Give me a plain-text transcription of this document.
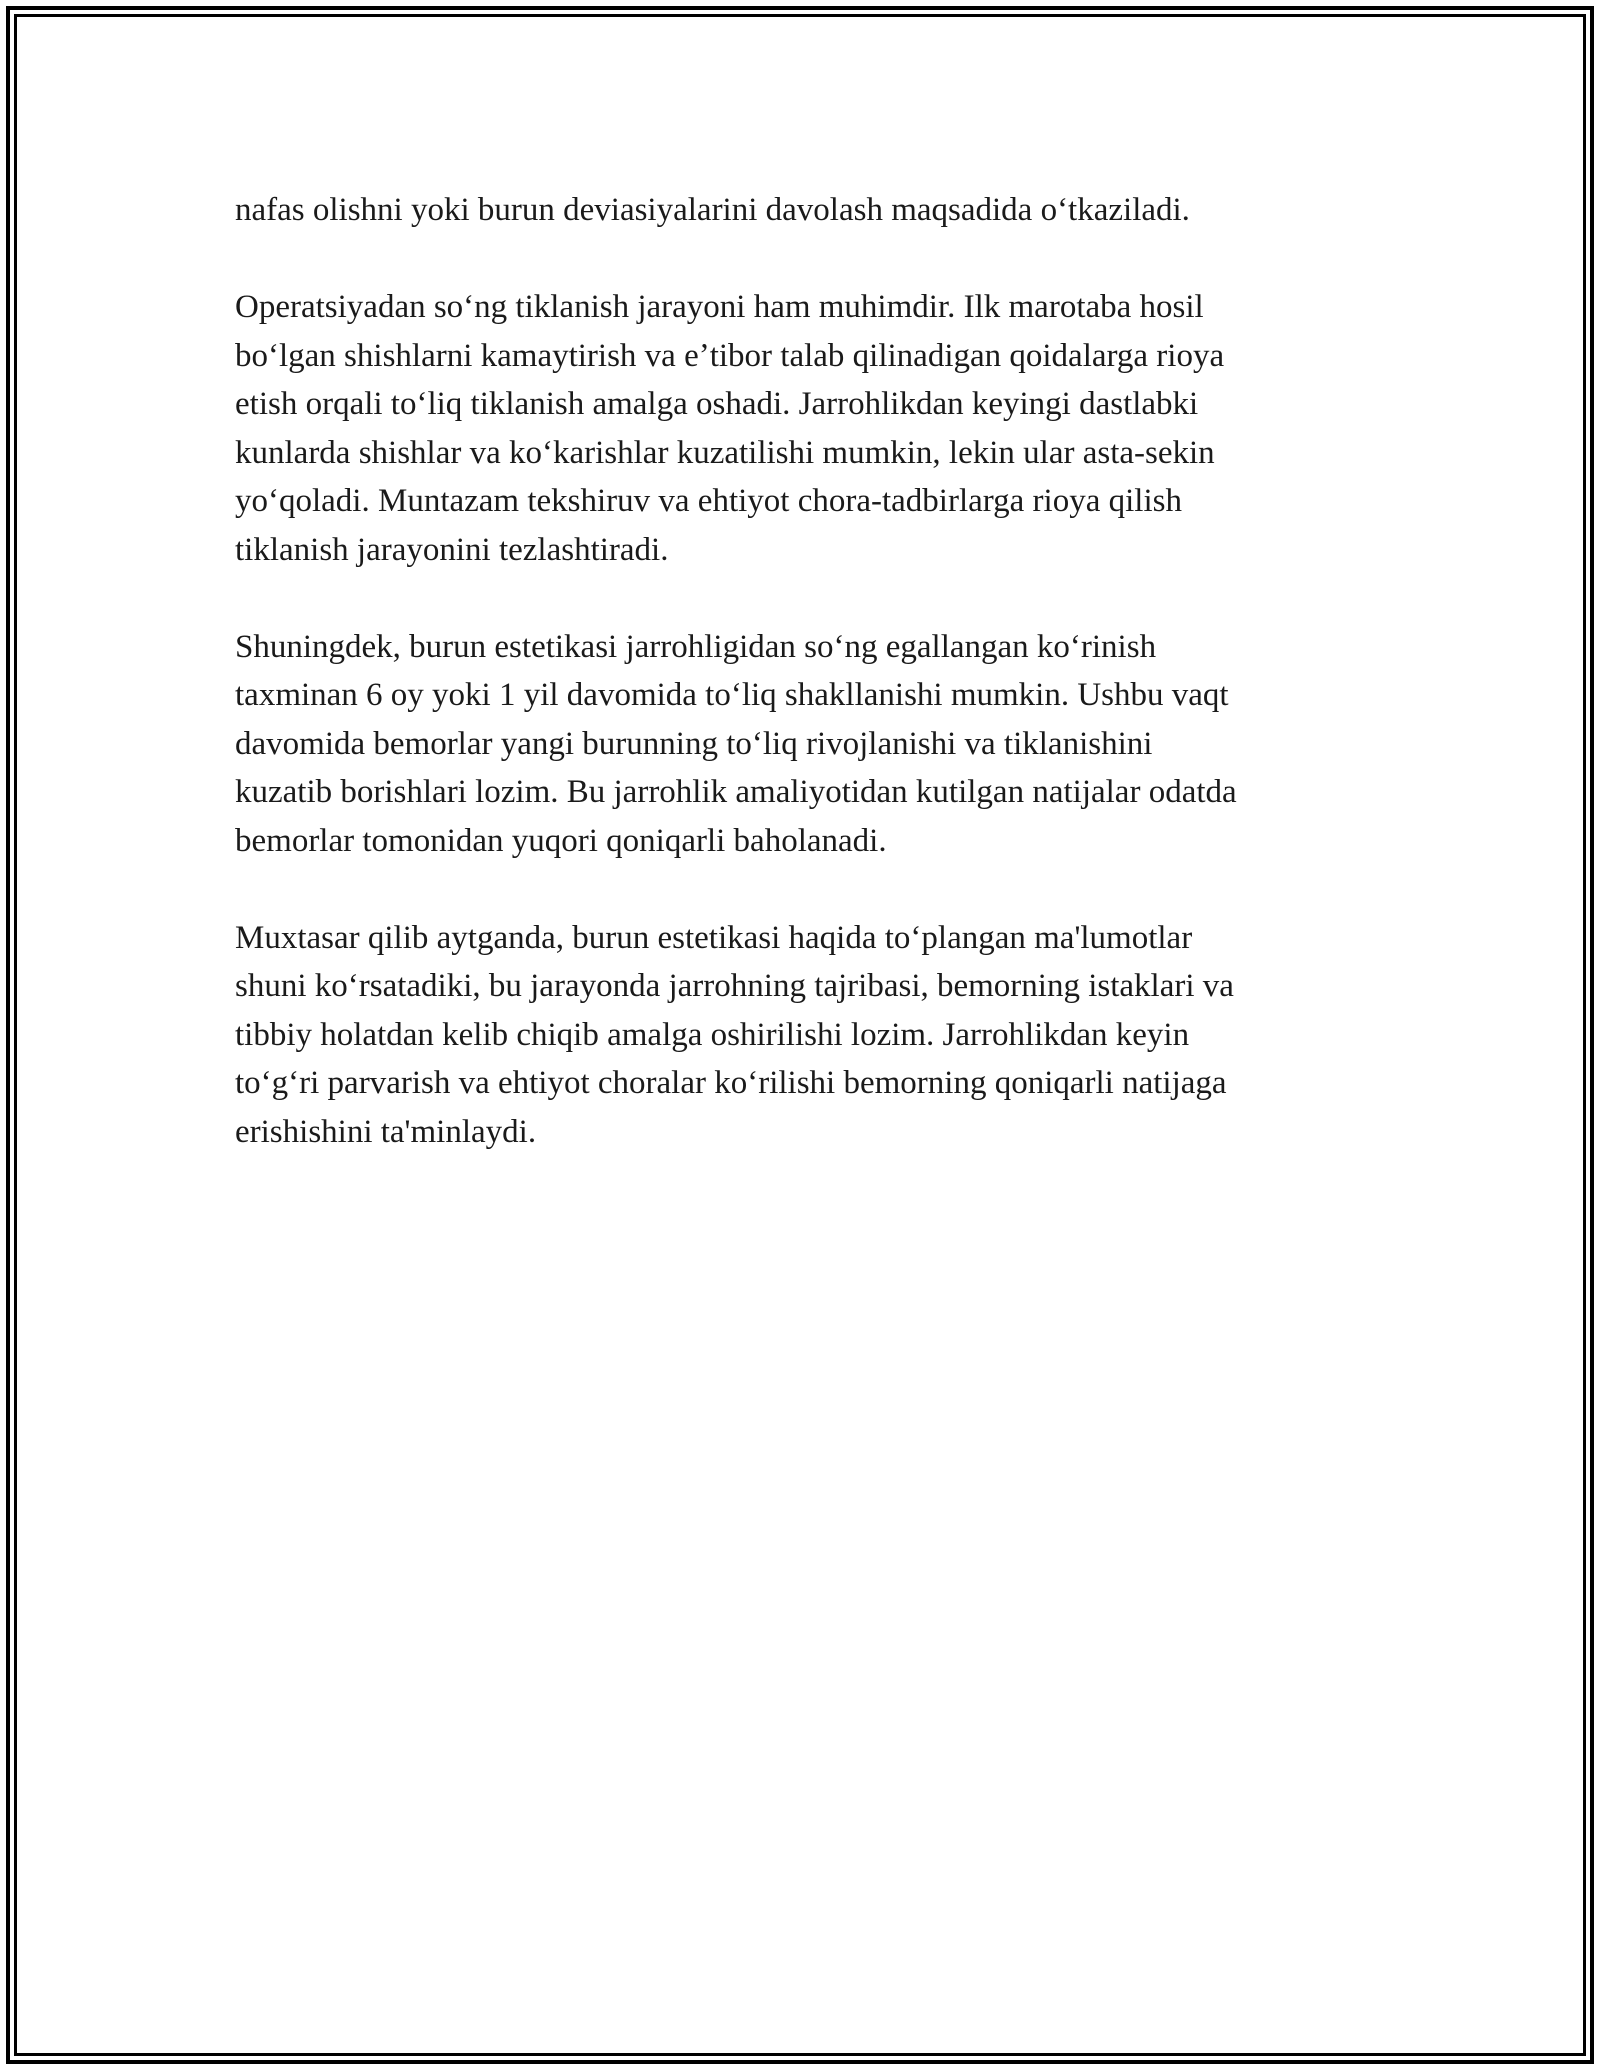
nafas olishni yoki burun deviasiyalarini davolash maqsadida oʻtkaziladi.

Operatsiyadan soʻng tiklanish jarayoni ham muhimdir. Ilk marotaba hosil
boʻlgan shishlarni kamaytirish va eʼtibor talab qilinadigan qoidalarga rioya
etish orqali toʻliq tiklanish amalga oshadi. Jarrohlikdan keyingi dastlabki
kunlarda shishlar va koʻkarishlar kuzatilishi mumkin, lekin ular asta-sekin
yoʻqoladi. Muntazam tekshiruv va ehtiyot chora-tadbirlarga rioya qilish
tiklanish jarayonini tezlashtiradi.

Shuningdek, burun estetikasi jarrohligidan soʻng egallangan koʻrinish
taxminan 6 oy yoki 1 yil davomida toʻliq shakllanishi mumkin. Ushbu vaqt
davomida bemorlar yangi burunning toʻliq rivojlanishi va tiklanishini
kuzatib borishlari lozim. Bu jarrohlik amaliyotidan kutilgan natijalar odatda
bemorlar tomonidan yuqori qoniqarli baholanadi.

Muxtasar qilib aytganda, burun estetikasi haqida toʻplangan ma'lumotlar
shuni koʻrsatadiki, bu jarayonda jarrohning tajribasi, bemorning istaklari va
tibbiy holatdan kelib chiqib amalga oshirilishi lozim. Jarrohlikdan keyin
toʻgʻri parvarish va ehtiyot choralar koʻrilishi bemorning qoniqarli natijaga
erishishini ta'minlaydi.
